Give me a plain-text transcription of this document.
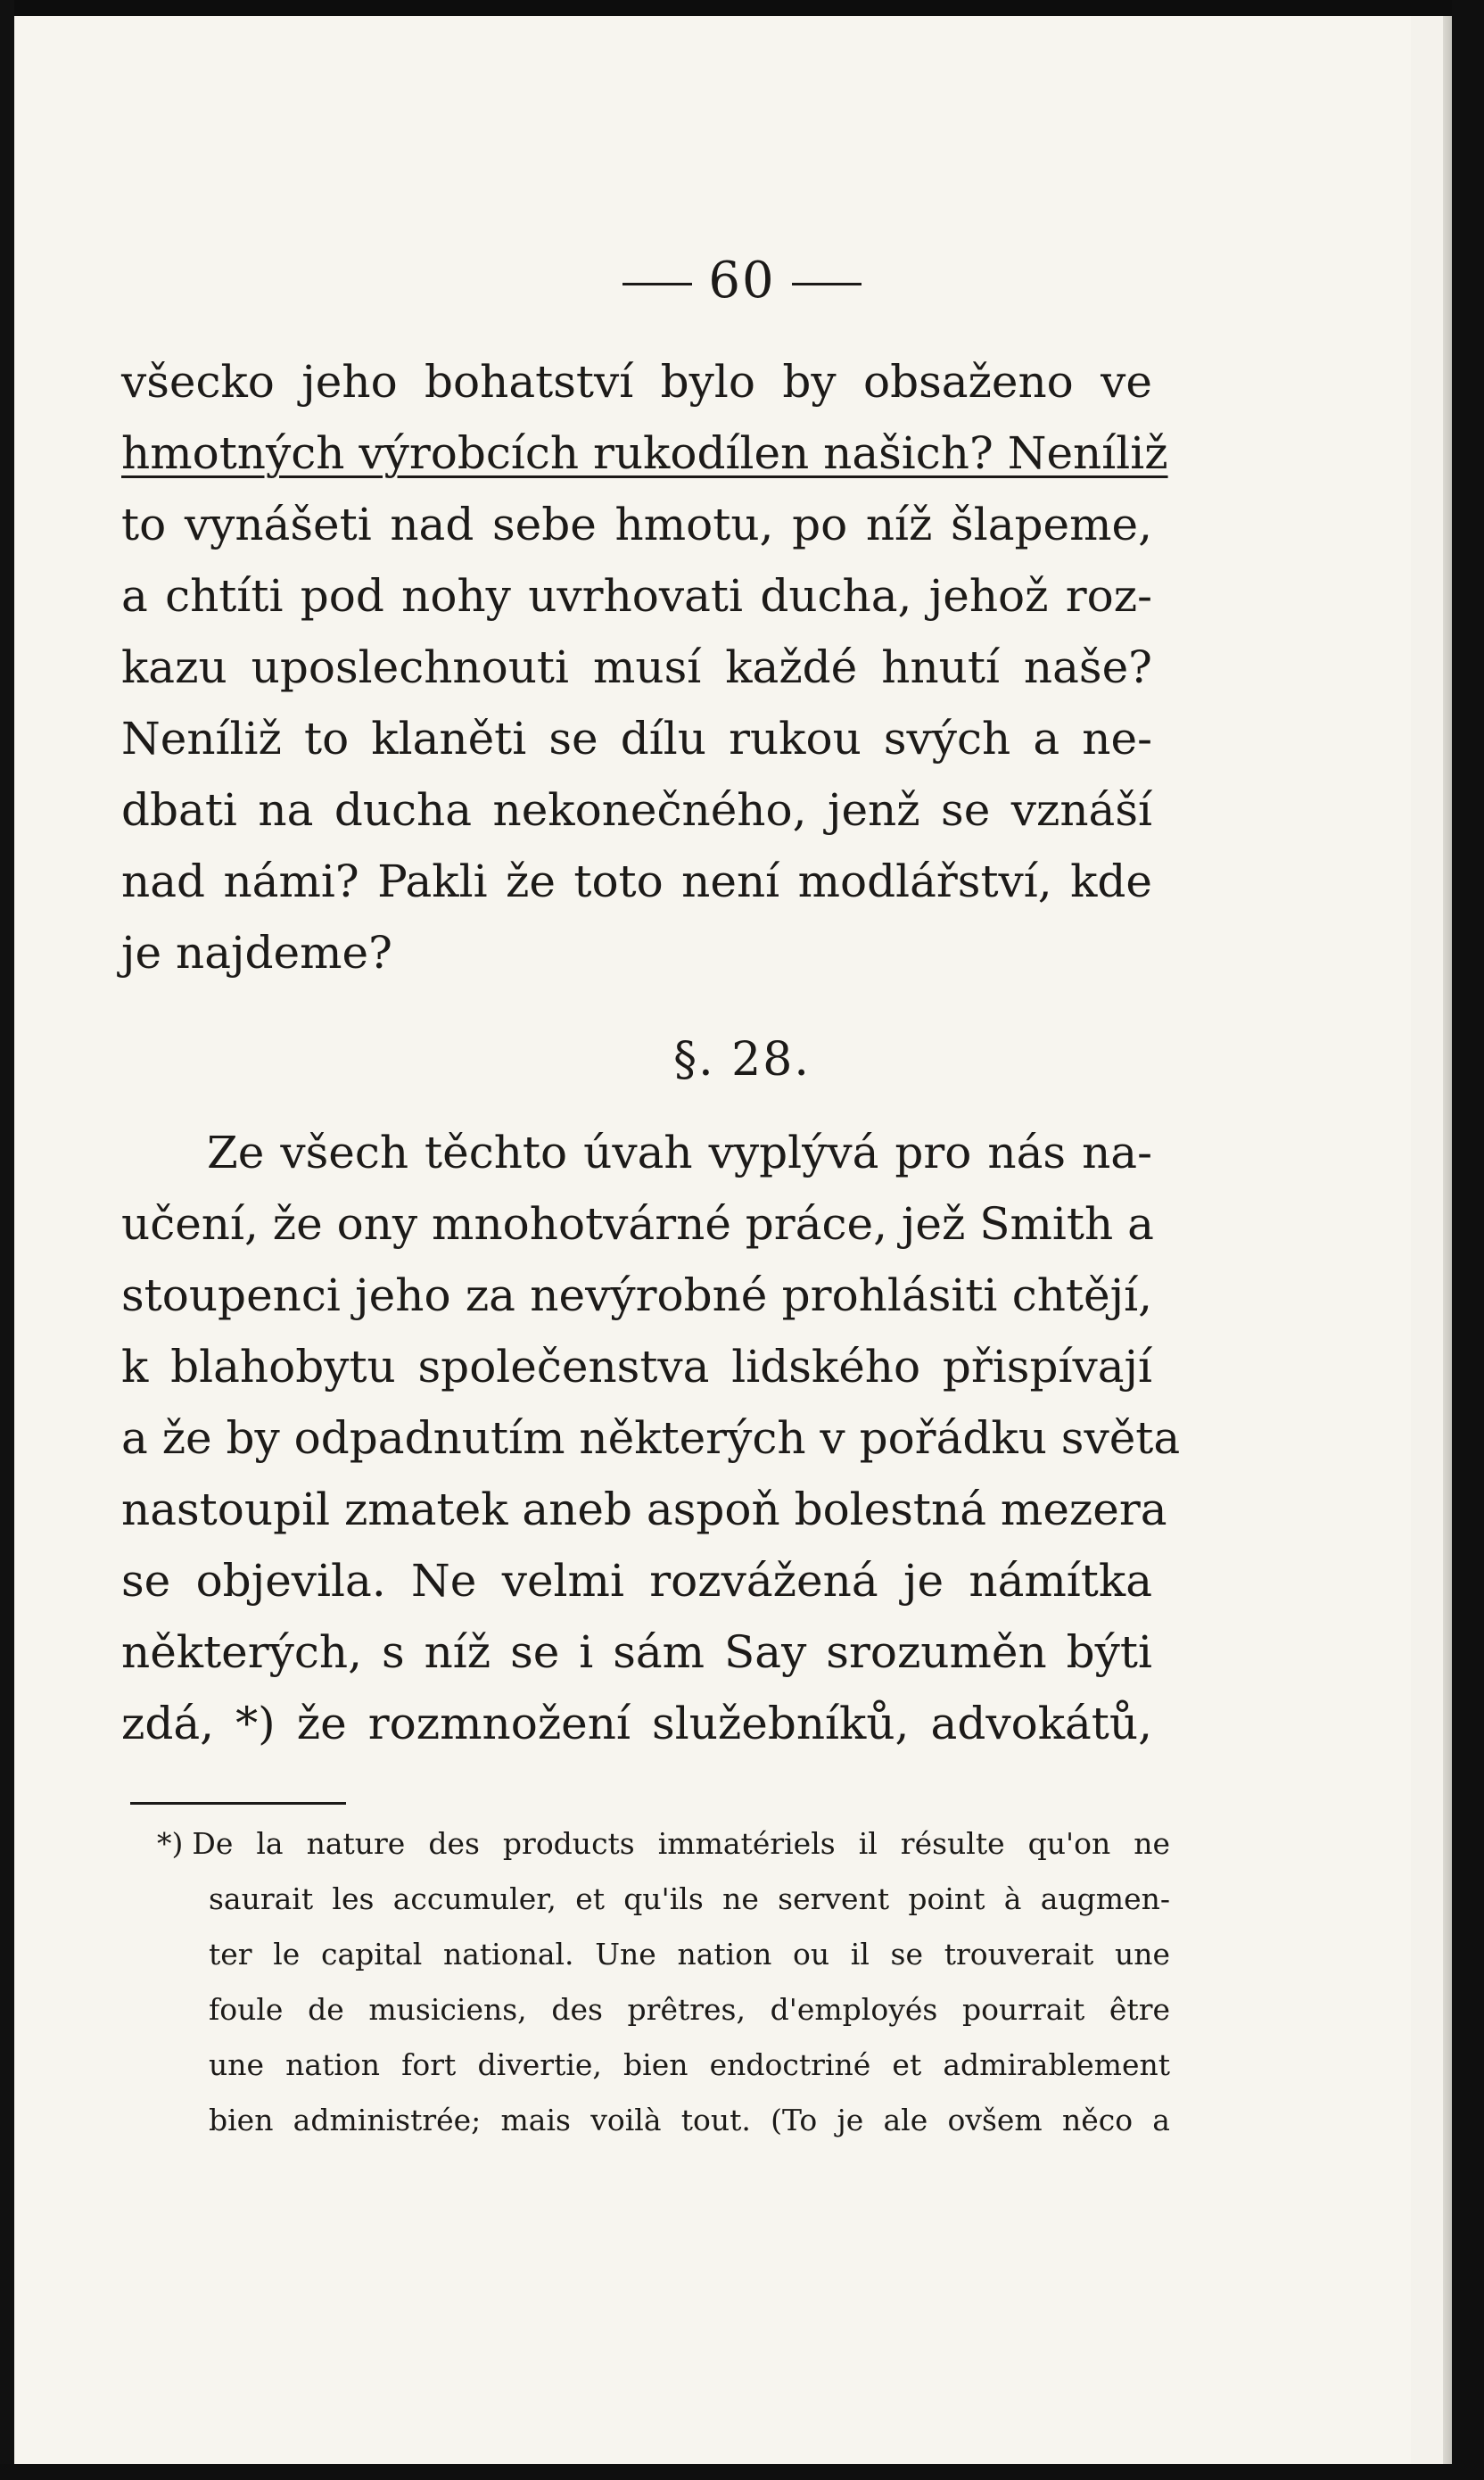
60
všecko jeho bohatství bylo by obsaženo ve
hmotných výrobcích rukodílen našich? Neníliž
to vynášeti nad sebe hmotu, po níž šlapeme,
a chtíti pod nohy uvrhovati ducha, jehož roz-
kazu uposlechnouti musí každé hnutí naše?
Neníliž to klaněti se dílu rukou svých a ne-
dbati na ducha nekonečného, jenž se vznáší
nad námi? Pakli že toto není modlářství, kde
je najdeme?
§. 28.
Ze všech těchto úvah vyplývá pro nás na-
učení, že ony mnohotvárné práce, jež Smith a
stoupenci jeho za nevýrobné prohlásiti chtějí,
k blahobytu společenstva lidského přispívají
a že by odpadnutím některých v pořádku světa
nastoupil zmatek aneb aspoň bolestná mezera
se objevila. Ne velmi rozvážená je námítka
některých, s níž se i sám Say srozuměn býti
zdá, *) že rozmnožení služebníků, advokátů,
*) De la nature des products immatériels il résulte qu'on ne
saurait les accumuler, et qu'ils ne servent point à augmen-
ter le capital national. Une nation ou il se trouverait une
foule de musiciens, des prêtres, d'employés pourrait être
une nation fort divertie, bien endoctriné et admirablement
bien administrée; mais voilà tout. (To je ale ovšem něco a
